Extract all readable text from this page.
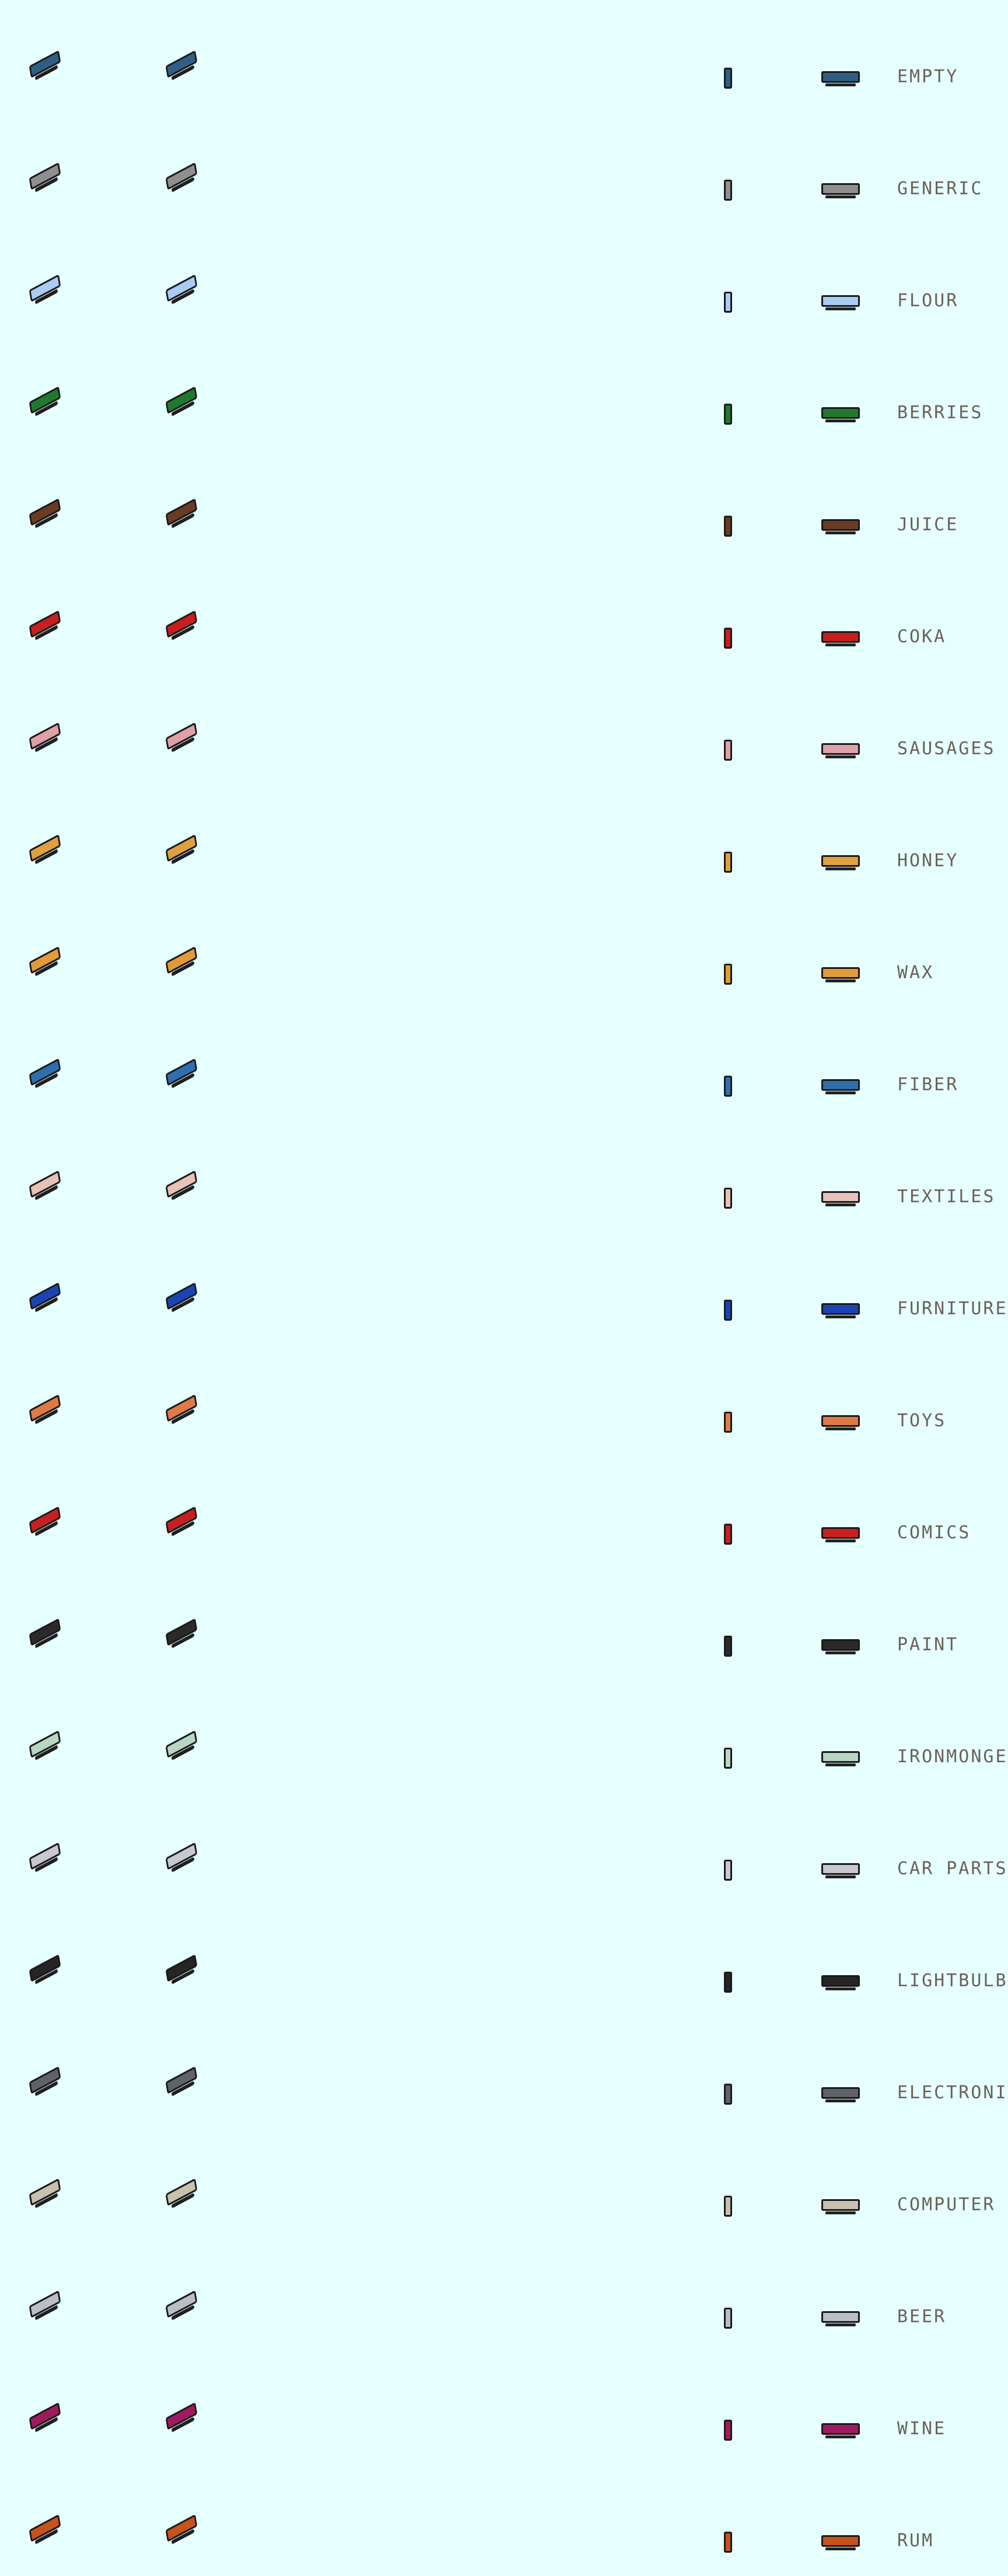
EMPTY
GENERIC
FLOUR
BERRIES
JUICE
COKA
SAUSAGES
HONEY
WAX
FIBER
TEXTILES
FURNITURE
TOYS
COMICS
PAINT
IRONMONGE
CAR PARTS
LIGHTBULB
ELECTRONI
COMPUTER
BEER
WINE
RUM
